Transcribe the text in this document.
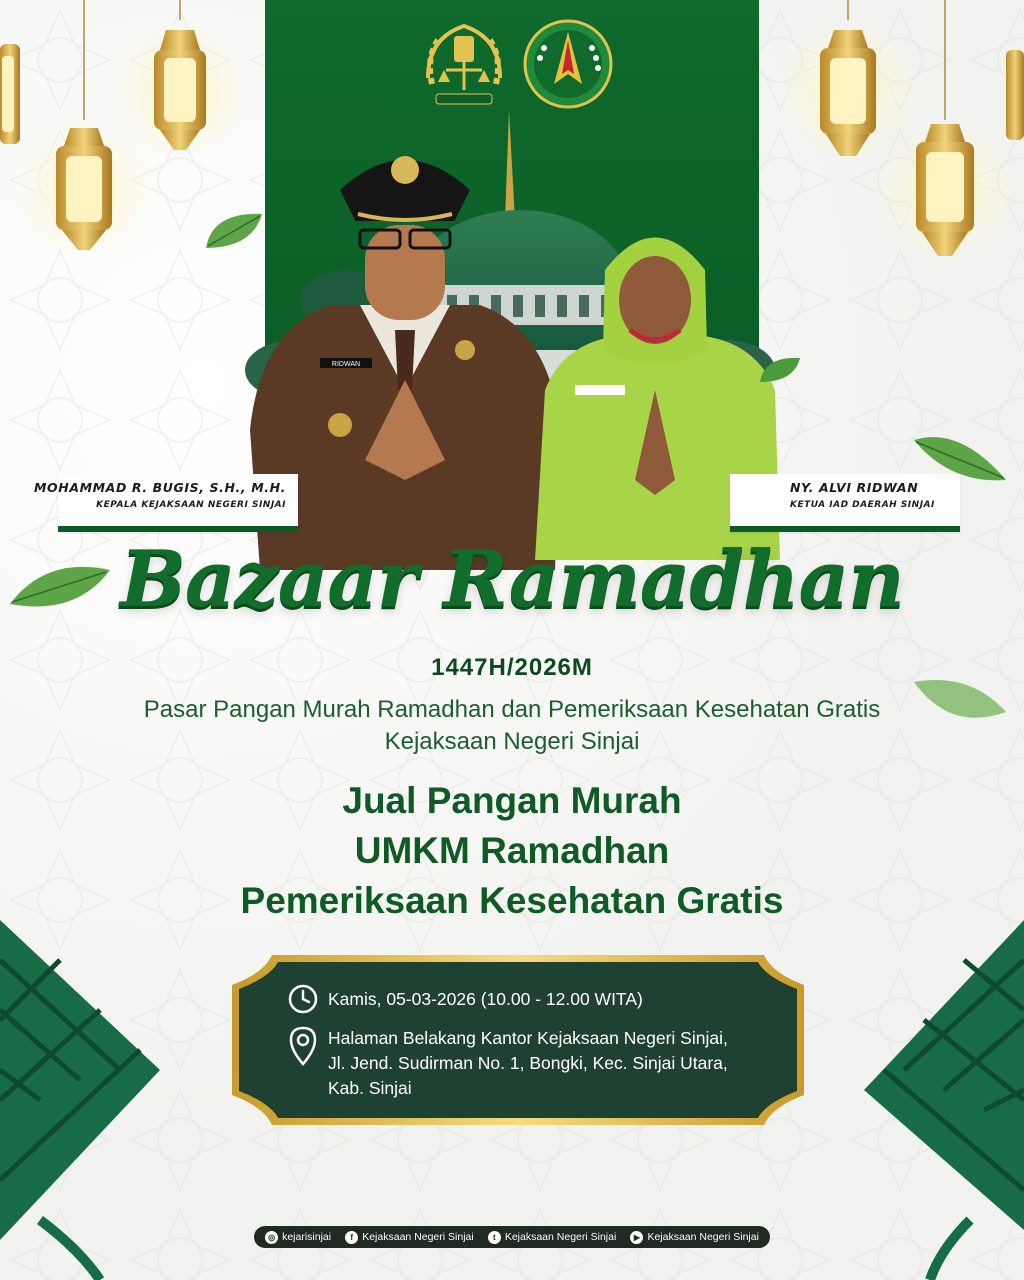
RIDWAN
MOHAMMAD R. BUGIS, S.H., M.H.
KEPALA KEJAKSAAN NEGERI SINJAI
NY. ALVI RIDWAN
KETUA IAD DAERAH SINJAI
Bazaar Ramadhan
1447H/2026M
Pasar Pangan Murah Ramadhan dan Pemeriksaan Kesehatan Gratis
Kejaksaan Negeri Sinjai
Jual Pangan Murah
UMKM Ramadhan
Pemeriksaan Kesehatan Gratis
Kamis, 05-03-2026 (10.00 - 12.00 WITA)
Halaman Belakang Kantor Kejaksaan Negeri Sinjai,
Jl. Jend. Sudirman No. 1, Bongki, Kec. Sinjai Utara,
Kab. Sinjai
◎ kejarisinjai	f Kejaksaan Negeri Sinjai	t Kejaksaan Negeri Sinjai	▶ Kejaksaan Negeri Sinjai
